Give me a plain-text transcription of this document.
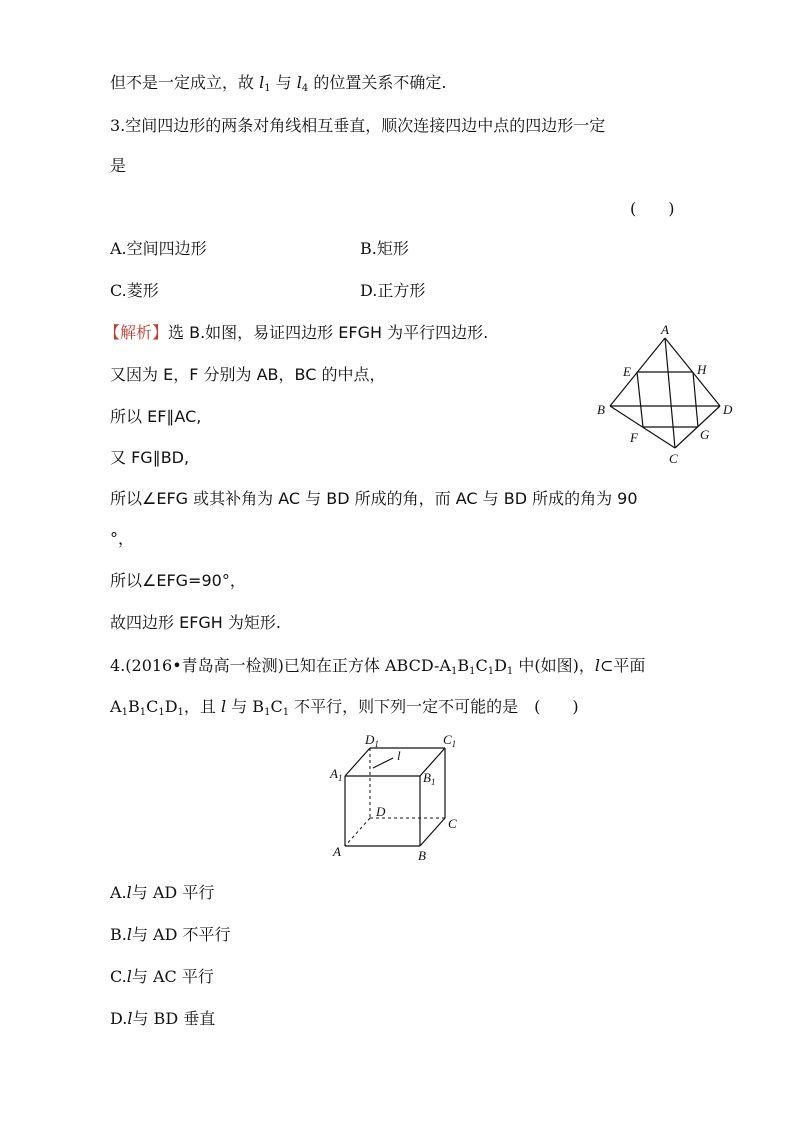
但不是一定成立，故 $l_1$ 与 $l_4$ 的位置关系不确定.
3.空间四边形的两条对角线相互垂直，顺次连接四边中点的四边形一定
是
(　　)
A.空间四边形	B.矩形
C.菱形	D.正方形
【解析】选 B.如图，易证四边形 EFGH 为平行四边形.
又因为 E，F 分别为 AB，BC 的中点，
所以 EF∥AC,
又 FG∥BD,
所以∠EFG 或其补角为 AC 与 BD 所成的角，而 AC 与 BD 所成的角为 90
°，
所以∠EFG=90°，
故四边形 EFGH 为矩形.
A
B
C
D
E
F	G
H
4.(2016•青岛高一检测)已知在正方体 ABCD-$A_1B_1C_1D_1$ 中(如图)，l⊂平面
$A_1B_1C_1D_1$，且 l 与 $B_1C_1$ 不平行，则下列一定不可能的是　(　　)
$D_1$	$C_1$
$A_1$	$B_1$
l
D
C
A	B
A.l与 AD 平行
B.l与 AD 不平行
C.l与 AC 平行
D.l与 BD 垂直
